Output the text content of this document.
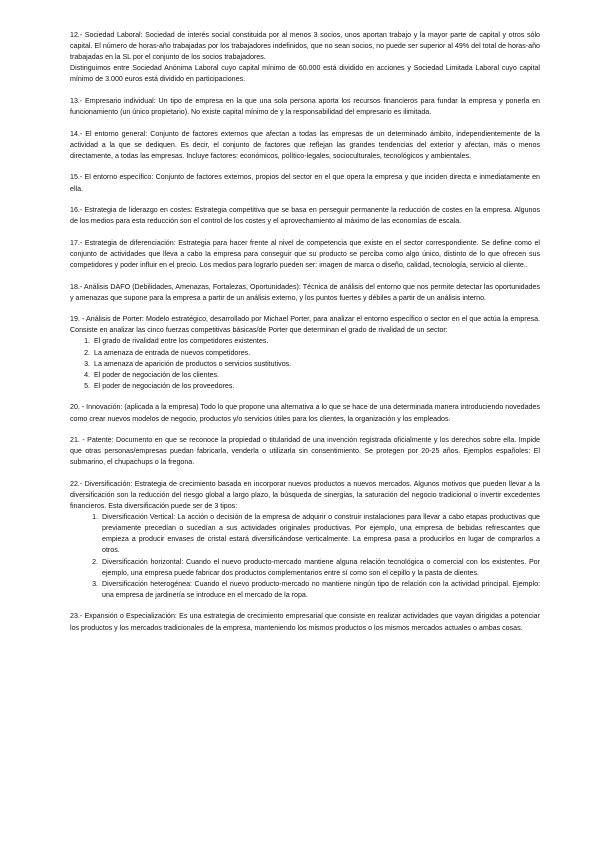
12.- Sociedad Laboral: Sociedad de interés social constituida por al menos 3 socios, unos aportan trabajo y la mayor parte de capital y otros sólo capital. El número de horas-año trabajadas por los trabajadores indefinidos, que no sean socios, no puede ser superior al 49% del total de horas-año trabajadas en la SL por el conjunto de los socios trabajadores.

Distinguimos entre Sociedad Anónima Laboral cuyo capital mínimo de 60.000 está dividido en acciones y Sociedad Limitada Laboral cuyo capital mínimo de 3.000 euros está dividido en participaciones.

13.- Empresario individual: Un tipo de empresa en la que una sola persona aporta los recursos financieros para fundar la empresa y ponerla en funcionamiento (un único propietario). No existe capital mínimo de y la responsabilidad del empresario es ilimitada.

14.- El entorno general: Conjunto de factores externos que afectan a todas las empresas de un determinado ámbito, independientemente de la actividad a la que se dediquen. Es decir, el conjunto de factores que reflejan las grandes tendencias del exterior y afectan, más o menos directamente, a todas las empresas. Incluye factores: económicos, político-legales, socioculturales, tecnológicos y ambientales.

15.- El entorno específico: Conjunto de factores externos, propios del sector en el que opera la empresa y que inciden directa e inmediatamente en ella.

16.- Estrategia de liderazgo en costes: Estrategia competitiva que se basa en perseguir permanente la reducción de costes en la empresa. Algunos de los medios para esta reducción son el control de los costes y el aprovechamiento al máximo de las economías de escala.

17.- Estrategia de diferenciación: Estrategia para hacer frente al nivel de competencia que existe en el sector correspondiente. Se define como el conjunto de actividades que lleva a cabo la empresa para conseguir que su producto se perciba como algo único, distinto de lo que ofrecen sus competidores y poder influir en el precio. Los medios para lograrlo pueden ser: imagen de marca o diseño, calidad, tecnología, servicio al cliente..

18.- Análisis DAFO (Debilidades, Amenazas, Fortalezas, Oportunidades): Técnica de análisis del entorno que nos permite detectar las oportunidades y amenazas que supone para la empresa a partir de un análisis externo, y los puntos fuertes y débiles a partir de un análisis interno.

19. - Análisis de Porter: Modelo estratégico, desarrollado por Michael Porter, para analizar el entorno específico o sector en el que actúa la empresa. Consiste en analizar las cinco fuerzas competitivas básicas/de Porter que determinan el grado de rivalidad de un sector:

1. El grado de rivalidad entre los competidores existentes.
2. La amenaza de entrada de nuevos competidores.
3. La amenaza de aparición de productos o servicios sustitutivos.
4. El poder de negociación de los clientes.
5. El poder de negociación de los proveedores.

20. - Innovación: (aplicada a la empresa) Todo lo que propone una alternativa a lo que se hace de una determinada manera introduciendo novedades como crear nuevos modelos de negocio, productos y/o servicios útiles para los clientes, la organización y los empleados.

21. - Patente: Documento en que se reconoce la propiedad o titularidad de una invención registrada oficialmente y los derechos sobre ella. Impide que otras personas/empresas puedan fabricarla, venderla o utilizarla sin consentimiento. Se protegen por 20-25 años. Ejemplos españoles: El submarino, el chupachups o la fregona.

22.- Diversificación: Estrategia de crecimiento basada en incorporar nuevos productos a nuevos mercados. Algunos motivos que pueden llevar a la diversificación son la reducción del riesgo global a largo plazo, la búsqueda de sinergias, la saturación del negocio tradicional o invertir excedentes financieros. Esta diversificación puede ser de 3 tipos:

1. Diversificación Vertical: La acción o decisión de la empresa de adquirir o construir instalaciones para llevar a cabo etapas productivas que previamente precedían o sucedían a sus actividades originales productivas. Por ejemplo, una empresa de bebidas refrescantes que empieza a producir envases de cristal estará diversificándose verticalmente. La empresa pasa a producirlos en lugar de comprarlos a otros.
2. Diversificación horizontal: Cuando el nuevo producto-mercado mantiene alguna relación tecnológica o comercial con los existentes. Por ejemplo, una empresa puede fabricar dos productos complementarios entre sí como son el cepillo y la pasta de dientes.
3. Diversificación heterogénea: Cuando el nuevo producto-mercado no mantiene ningún tipo de relación con la actividad principal. Ejemplo: una empresa de jardinería se introduce en el mercado de la ropa.

23.- Expansión o Especialización: Es una estrategia de crecimiento empresarial que consiste en realizar actividades que vayan dirigidas a potenciar los productos y los mercados tradicionales de la empresa, manteniendo los mismos productos o los mismos mercados actuales o ambas cosas.
